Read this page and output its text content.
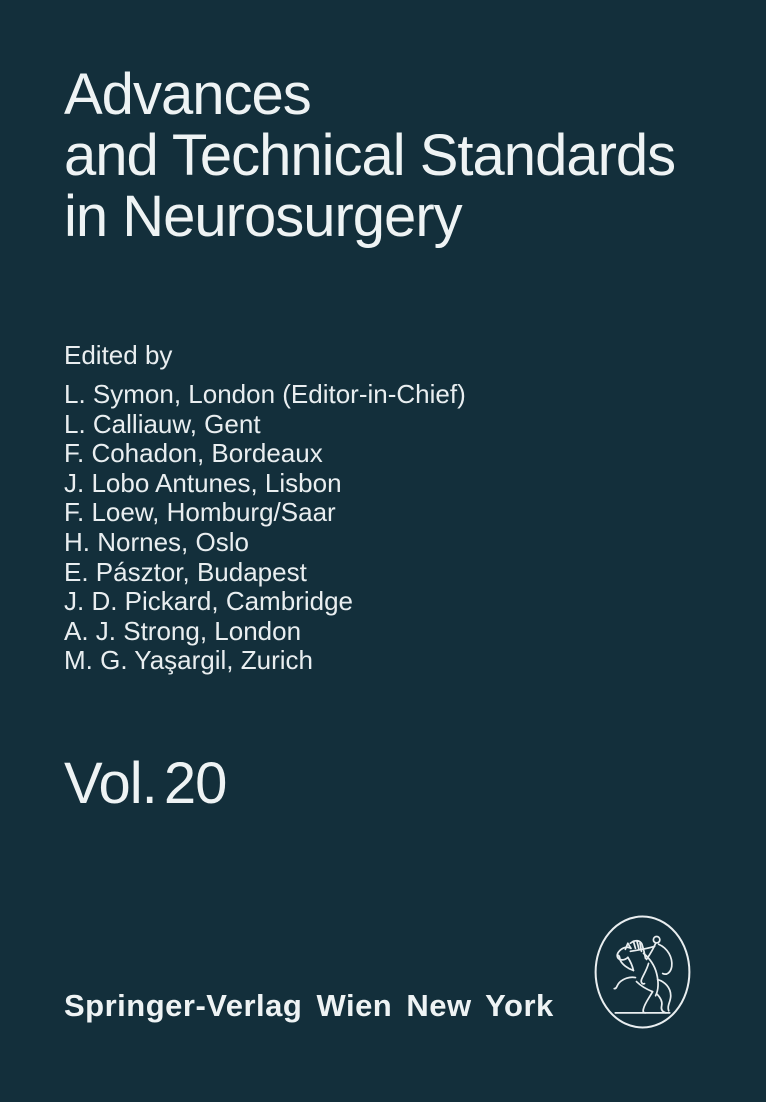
Advances
and Technical Standards
in Neurosurgery
Edited by
L. Symon, London (Editor-in-Chief)
L. Calliauw, Gent
F. Cohadon, Bordeaux
J. Lobo Antunes, Lisbon
F. Loew, Homburg/Saar
H. Nornes, Oslo
E. Pásztor, Budapest
J. D. Pickard, Cambridge
A. J. Strong, London
M. G. Yaşargil, Zurich
Vol. 20
Springer-Verlag Wien New York
